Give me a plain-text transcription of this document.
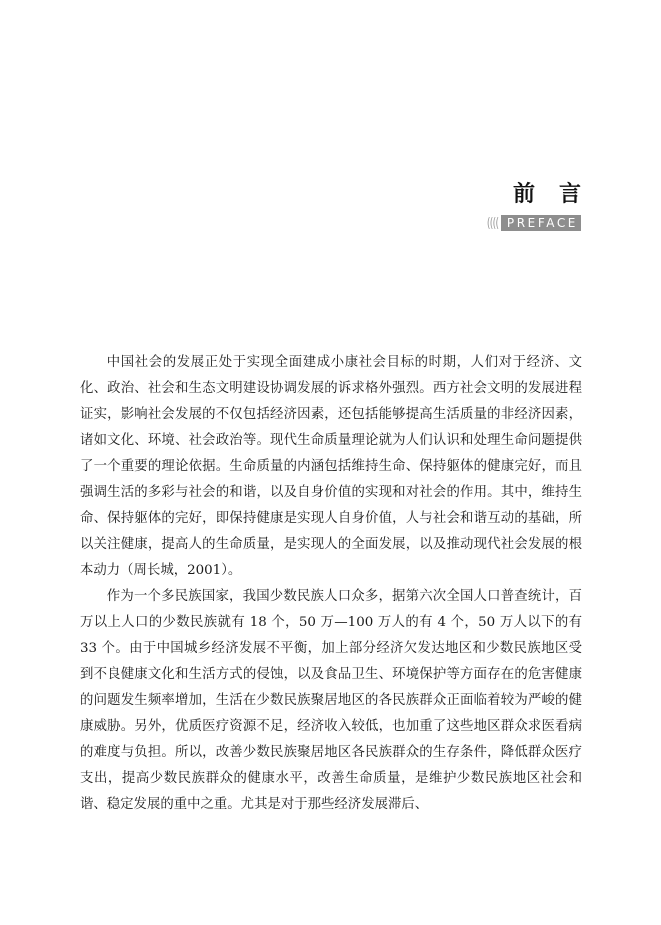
前言
(((( PREFACE

中国社会的发展正处于实现全面建成小康社会目标的时期，人们对于经济、文化、政治、社会和生态文明建设协调发展的诉求格外强烈。西方社会文明的发展进程证实，影响社会发展的不仅包括经济因素，还包括能够提高生活质量的非经济因素，诸如文化、环境、社会政治等。现代生命质量理论就为人们认识和处理生命问题提供了一个重要的理论依据。生命质量的内涵包括维持生命、保持躯体的健康完好，而且强调生活的多彩与社会的和谐，以及自身价值的实现和对社会的作用。其中，维持生命、保持躯体的完好，即保持健康是实现人自身价值，人与社会和谐互动的基础，所以关注健康，提高人的生命质量，是实现人的全面发展，以及推动现代社会发展的根本动力（周长城，2001）。

作为一个多民族国家，我国少数民族人口众多，据第六次全国人口普查统计，百万以上人口的少数民族就有 18 个，50 万—100 万人的有 4 个，50 万人以下的有 33 个。由于中国城乡经济发展不平衡，加上部分经济欠发达地区和少数民族地区受到不良健康文化和生活方式的侵蚀，以及食品卫生、环境保护等方面存在的危害健康的问题发生频率增加，生活在少数民族聚居地区的各民族群众正面临着较为严峻的健康威胁。另外，优质医疗资源不足，经济收入较低，也加重了这些地区群众求医看病的难度与负担。所以，改善少数民族聚居地区各民族群众的生存条件，降低群众医疗支出，提高少数民族群众的健康水平，改善生命质量，是维护少数民族地区社会和谐、稳定发展的重中之重。尤其是对于那些经济发展滞后、
